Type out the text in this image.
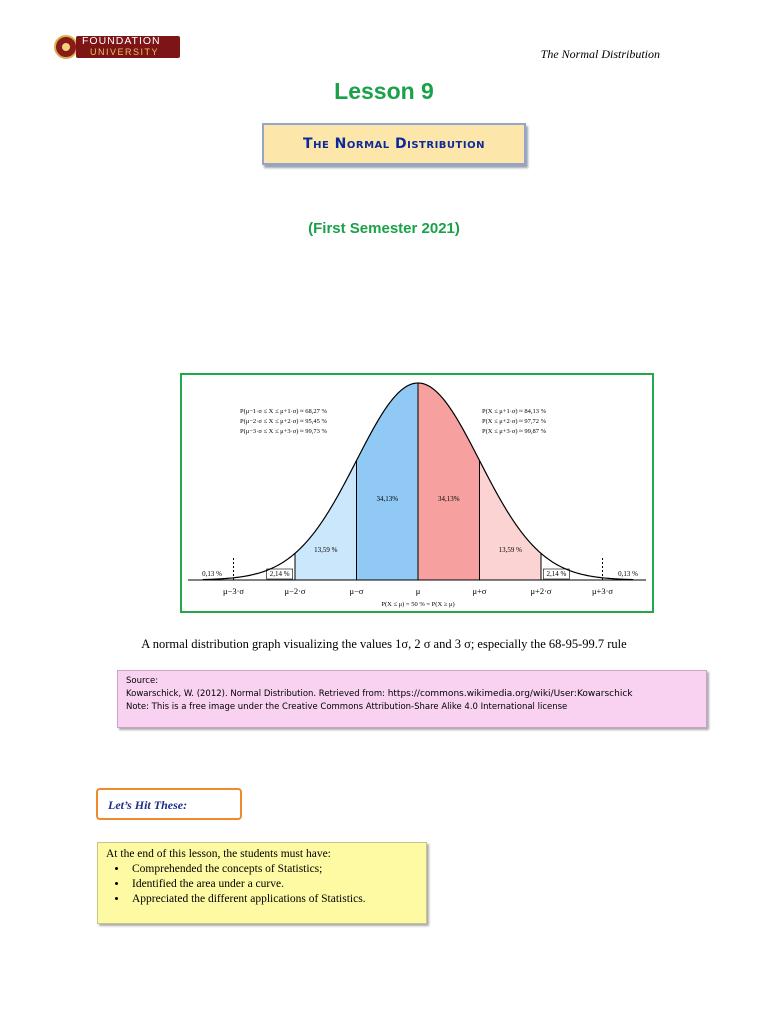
FOUNDATION
UNIVERSITY	The Normal Distribution
Lesson 9
The Normal Distribution
(First Semester 2021)
0,13 %	2,14 %
13,59 %
34,13%	34,13%
13,59 %
2,14 %	0,13 %
μ−3·σ	μ−2·σ	μ−σ	μ	μ+σ	μ+2·σ	μ+3·σ
P(μ−1·σ ≤ X ≤ μ+1·σ) ≈ 68,27 %
P(μ−2·σ ≤ X ≤ μ+2·σ) ≈ 95,45 %
P(μ−3·σ ≤ X ≤ μ+3·σ) ≈ 99,73 %
P(X ≤ μ+1·σ) ≈ 84,13 %
P(X ≤ μ+2·σ) ≈ 97,72 %
P(X ≤ μ+3·σ) ≈ 99,87 %
P(X ≤ μ) = 50 % = P(X ≥ μ)
A normal distribution graph visualizing the values 1σ, 2 σ and 3 σ; especially the 68-95-99.7 rule
Source:
Kowarschick, W. (2012). Normal Distribution. Retrieved from: https://commons.wikimedia.org/wiki/User:Kowarschick
Note: This is a free image under the Creative Commons Attribution-Share Alike 4.0 International license
Let’s Hit These:
At the end of this lesson, the students must have:
• Comprehended the concepts of Statistics;
• Identified the area under a curve.
• Appreciated the different applications of Statistics.
